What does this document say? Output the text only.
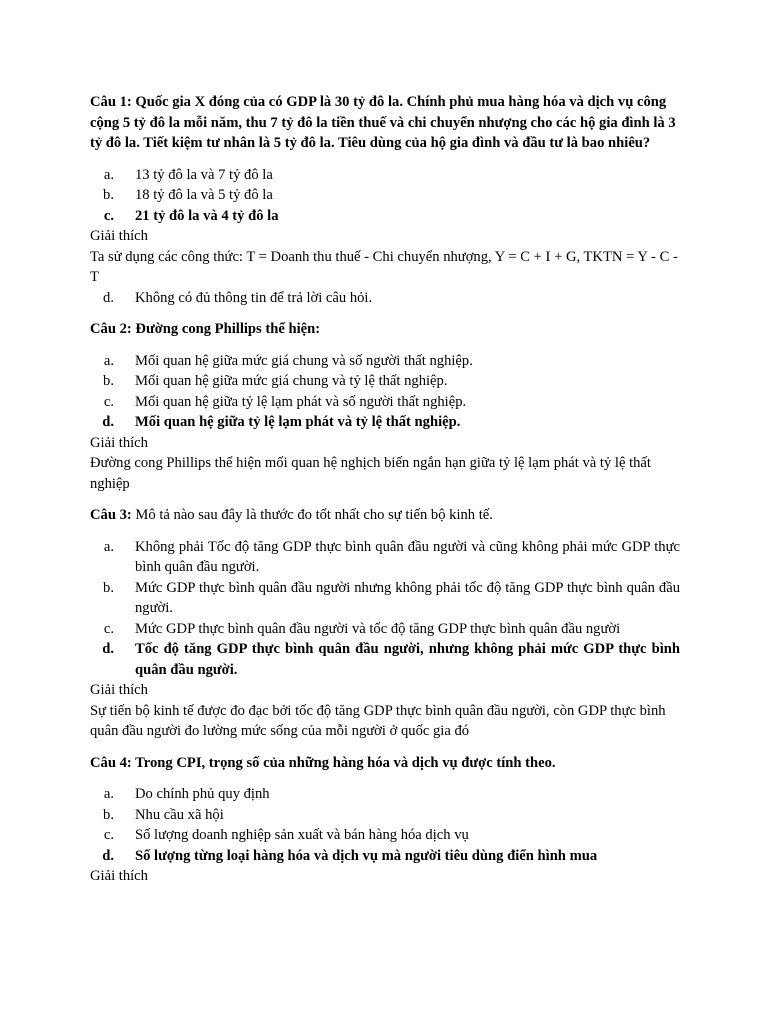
Câu 1: Quốc gia X đóng của có GDP là 30 tỷ đô la. Chính phủ mua hàng hóa và dịch vụ công cộng 5 tỷ đô la mỗi năm, thu 7 tỷ đô la tiền thuế và chi chuyển nhượng cho các hộ gia đình là 3 tỷ đô la. Tiết kiệm tư nhân là 5 tỷ đô la. Tiêu dùng của hộ gia đình và đầu tư là bao nhiêu?

a.	13 tỷ đô la và 7 tỷ đô la
b.	18 tỷ đô la và 5 tỷ đô la
c.	21 tỷ đô la và 4 tỷ đô la

Giải thích

Ta sử dụng các công thức: T = Doanh thu thuế - Chi chuyển nhượng, Y = C + I + G, TKTN = Y - C - T

d.	Không có đủ thông tin để trả lời câu hỏi.

Câu 2: Đường cong Phillips thể hiện:

a.	Mối quan hệ giữa mức giá chung và số người thất nghiệp.
b.	Mối quan hệ giữa mức giá chung và tỷ lệ thất nghiệp.
c.	Mối quan hệ giữa tỷ lệ lạm phát và số người thất nghiệp.
d.	Mối quan hệ giữa tỷ lệ lạm phát và tỷ lệ thất nghiệp.

Giải thích

Đường cong Phillips thể hiện mối quan hệ nghịch biến ngắn hạn giữa tỷ lệ lạm phát và tỷ lệ thất nghiệp

Câu 3: Mô tả nào sau đây là thước đo tốt nhất cho sự tiến bộ kinh tế.

a.	Không phải Tốc độ tăng GDP thực bình quân đầu người và cũng không phải mức GDP thực bình quân đầu người.
b.	Mức GDP thực bình quân đầu người nhưng không phải tốc độ tăng GDP thực bình quân đầu người.
c.	Mức GDP thực bình quân đầu người và tốc độ tăng GDP thực bình quân đầu người
d.	Tốc độ tăng GDP thực bình quân đầu người, nhưng không phải mức GDP thực bình quân đầu người.

Giải thích

Sự tiến bộ kinh tế được đo đạc bởi tốc độ tăng GDP thực bình quân đầu người, còn GDP thực bình quân đầu người đo lường mức sống của mỗi người ở quốc gia đó

Câu 4: Trong CPI, trọng số của những hàng hóa và dịch vụ được tính theo.

a.	Do chính phủ quy định
b.	Nhu cầu xã hội
c.	Số lượng doanh nghiệp sản xuất và bán hàng hóa dịch vụ
d.	Số lượng từng loại hàng hóa và dịch vụ mà người tiêu dùng điển hình mua

Giải thích
